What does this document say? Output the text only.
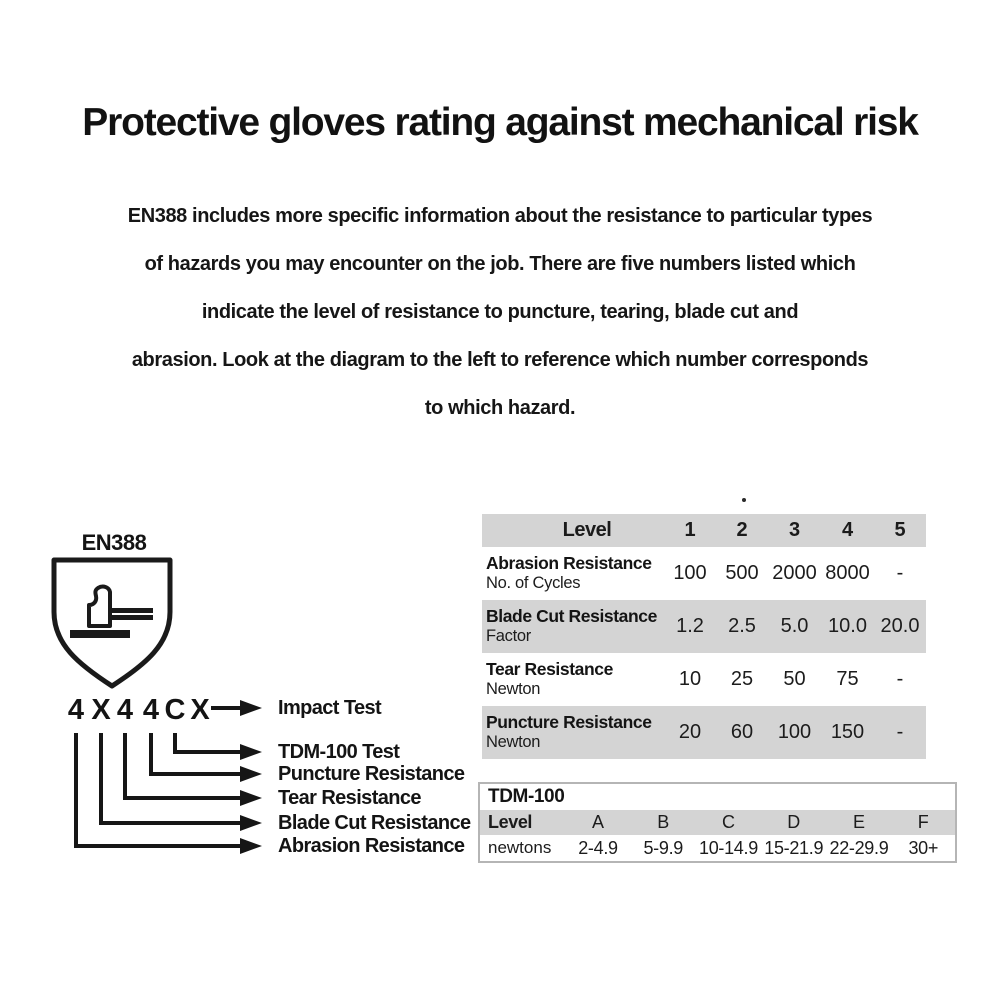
Protective gloves rating against mechanical risk
EN388 includes more specific information about the resistance to particular types
of hazards you may encounter on the job. There are five numbers listed which
indicate the level of resistance to puncture, tearing, blade cut and
abrasion. Look at the diagram to the left to reference which number corresponds
to which hazard.
EN388
4 X 4 4 C X	Impact Test
TDM-100 Test
Puncture Resistance
Tear Resistance
Blade Cut Resistance
Abrasion Resistance
Level	1	2	3	4	5

Abrasion Resistance
No. of Cycles	100	500	2000	8000	-

Blade Cut Resistance
Factor	1.2	2.5	5.0	10.0	20.0

Tear Resistance
Newton	10	25	50	75	-

Puncture Resistance
Newton	20	60	100	150	-
TDM-100						
Level	A	B	C	D	E	F
newtons	2-4.9	5-9.9	10-14.9	15-21.9	22-29.9	30+
